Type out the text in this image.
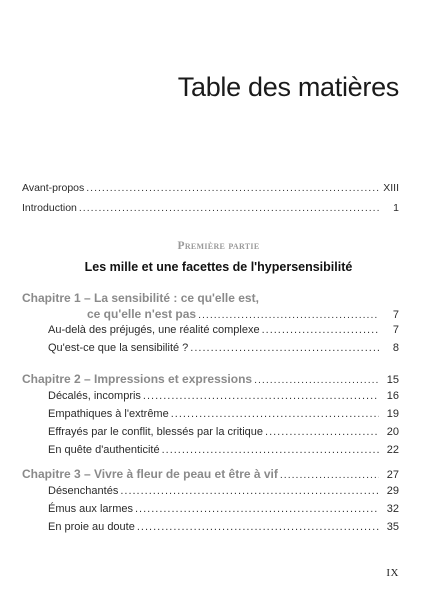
Table des matières
Avant-propos .....	XIII
Introduction .....	1
Première partie
Les mille et une facettes de l'hypersensibilité
Chapitre 1 – La sensibilité : ce qu'elle est,
ce qu'elle n'est pas .....	7
Au-delà des préjugés, une réalité complexe .....	7
Qu'est-ce que la sensibilité ? .....	8
Chapitre 2 – Impressions et expressions .....	15
Décalés, incompris .....	16
Empathiques à l'extrême .....	19
Effrayés par le conflit, blessés par la critique .....	20
En quête d'authenticité .....	22
Chapitre 3 – Vivre à fleur de peau et être à vif .....	27
Désenchantés .....	29
Émus aux larmes .....	32
En proie au doute .....	35
IX
